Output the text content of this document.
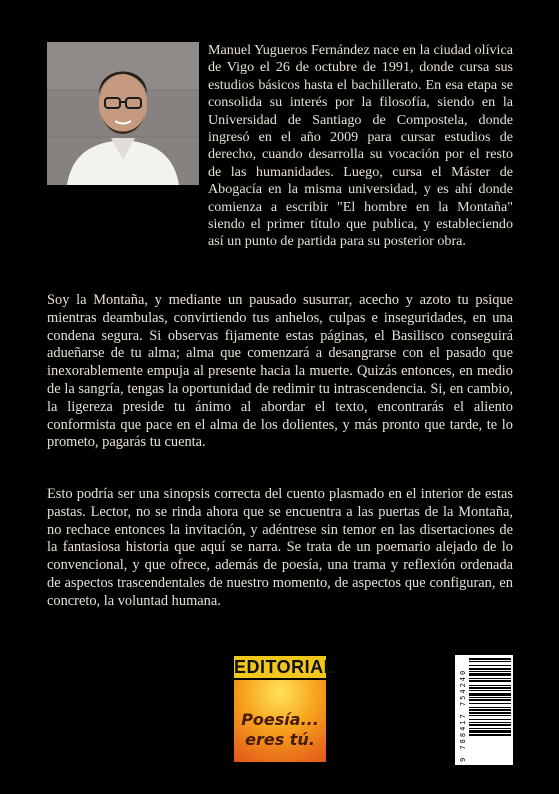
Manuel Yugueros Fernández nace en la ciudad olívica de Vigo el 26 de octubre de 1991, donde cursa sus estudios básicos hasta el bachillerato. En esa etapa se consolida su interés por la filosofía, siendo en la Universidad de Santiago de Compostela, donde ingresó en el año 2009 para cursar estudios de derecho, cuando desarrolla su vocación por el resto de las humanidades. Luego, cursa el Máster de Abogacía en la misma universidad, y es ahí donde comienza a escribir "El hombre en la Montaña" siendo el primer título que publica, y estableciendo así un punto de partida para su posterior obra.

Soy la Montaña, y mediante un pausado susurrar, acecho y azoto tu psique mientras deambulas, convirtiendo tus anhelos, culpas e inseguridades, en una condena segura. Si observas fijamente estas páginas, el Basilisco conseguirá adueñarse de tu alma; alma que comenzará a desangrarse con el pasado que inexorablemente empuja al presente hacia la muerte. Quizás entonces, en medio de la sangría, tengas la oportunidad de redimir tu intrascendencia. Si, en cambio, la ligereza preside tu ánimo al abordar el texto, encontrarás el aliento conformista que pace en el alma de los dolientes, y más pronto que tarde, te lo prometo, pagarás tu cuenta.

Esto podría ser una sinopsis correcta del cuento plasmado en el interior de estas pastas. Lector, no se rinda ahora que se encuentra a las puertas de la Montaña, no rechace entonces la invitación, y adéntrese sin temor en las disertaciones de la fantasiosa historia que aquí se narra. Se trata de un poemario alejado de lo convencional, y que ofrece, además de poesía, una trama y reflexión ordenada de aspectos trascendentales de nuestro momento, de aspectos que configuran, en concreto, la voluntad humana.

EDITORIAL
Poesía...
eres tú.	9 788417 754240
